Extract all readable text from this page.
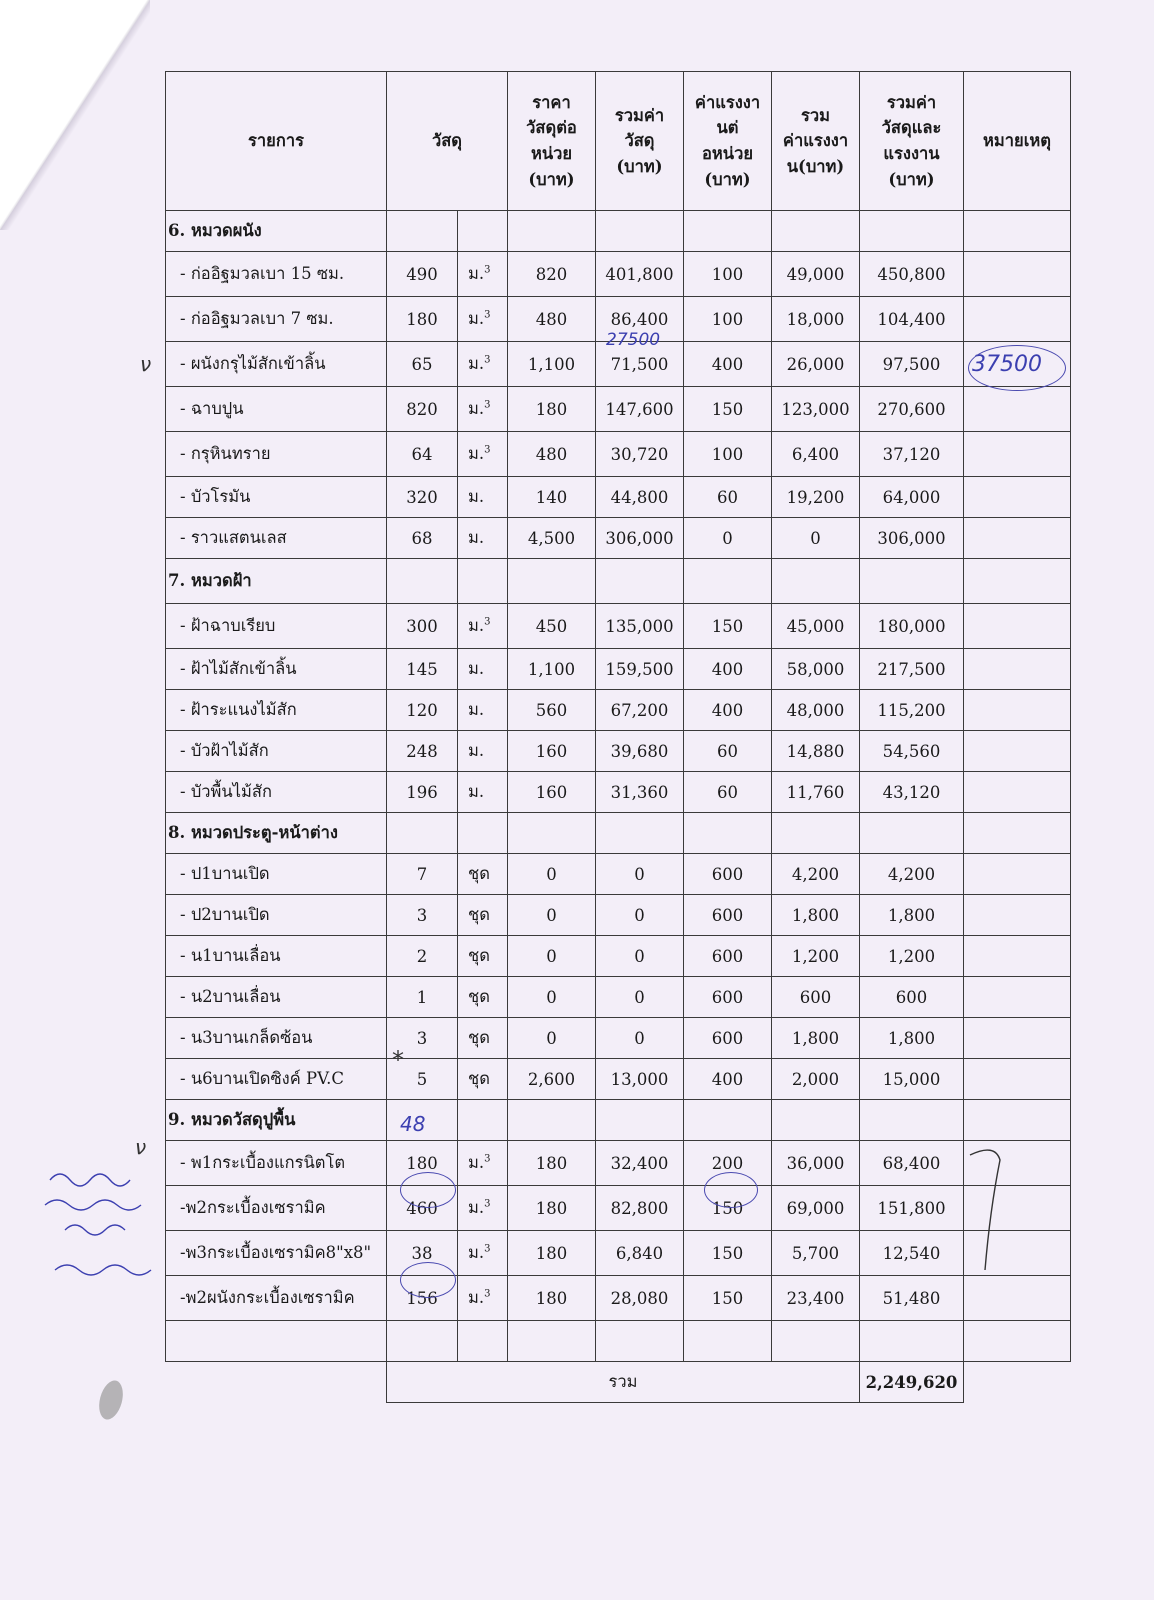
รายการ	วัสดุ		ราคา
วัสดุต่อ
หน่วย
(บาท)	รวมค่า
วัสดุ
(บาท)	ค่าแรงงา
นต่
อหน่วย
(บาท)	รวม
ค่าแรงงา
น(บาท)	รวมค่า
วัสดุและ
แรงงาน
(บาท)	หมายเหตุ
6. หมวดผนัง								
- ก่ออิฐมวลเบา 15 ซม.	490	ม.$^3$	820	401,800	100	49,000	450,800	
- ก่ออิฐมวลเบา 7 ซม.	180	ม.$^3$	480	86,400	100	18,000	104,400	
- ผนังกรุไม้สักเข้าลิ้น	65	ม.$^3$	1,100	71,500	400	26,000	97,500	
- ฉาบปูน	820	ม.$^3$	180	147,600	150	123,000	270,600	
- กรุหินทราย	64	ม.$^3$	480	30,720	100	6,400	37,120	
- บัวโรมัน	320	ม.	140	44,800	60	19,200	64,000	
- ราวแสตนเลส	68	ม.	4,500	306,000	0	0	306,000	
7. หมวดฝ้า								
- ฝ้าฉาบเรียบ	300	ม.$^3$	450	135,000	150	45,000	180,000	
- ฝ้าไม้สักเข้าลิ้น	145	ม.	1,100	159,500	400	58,000	217,500	
- ฝ้าระแนงไม้สัก	120	ม.	560	67,200	400	48,000	115,200	
- บัวฝ้าไม้สัก	248	ม.	160	39,680	60	14,880	54,560	
- บัวพื้นไม้สัก	196	ม.	160	31,360	60	11,760	43,120	
8. หมวดประตู-หน้าต่าง								
- ป1บานเปิด	7	ชุด	0	0	600	4,200	4,200	
- ป2บานเปิด	3	ชุด	0	0	600	1,800	1,800	
- น1บานเลื่อน	2	ชุด	0	0	600	1,200	1,200	
- น2บานเลื่อน	1	ชุด	0	0	600	600	600	
- น3บานเกล็ดซ้อน	3	ชุด	0	0	600	1,800	1,800	
- น6บานเปิดซิงค์ PV.C	5	ชุด	2,600	13,000	400	2,000	15,000	
9. หมวดวัสดุปูพื้น								
- พ1กระเบื้องแกรนิตโต	180	ม.$^3$	180	32,400	200	36,000	68,400	
-พ2กระเบื้องเซรามิค	460	ม.$^3$	180	82,800	150	69,000	151,800	
-พ3กระเบื้องเซรามิค8"x8"	38	ม.$^3$	180	6,840	150	5,700	12,540	
-พ2ผนังกระเบื้องเซรามิค	156	ม.$^3$	180	28,080	150	23,400	51,480	

	รวม						2,249,620	
27500
37500
48
*
ν
ν
